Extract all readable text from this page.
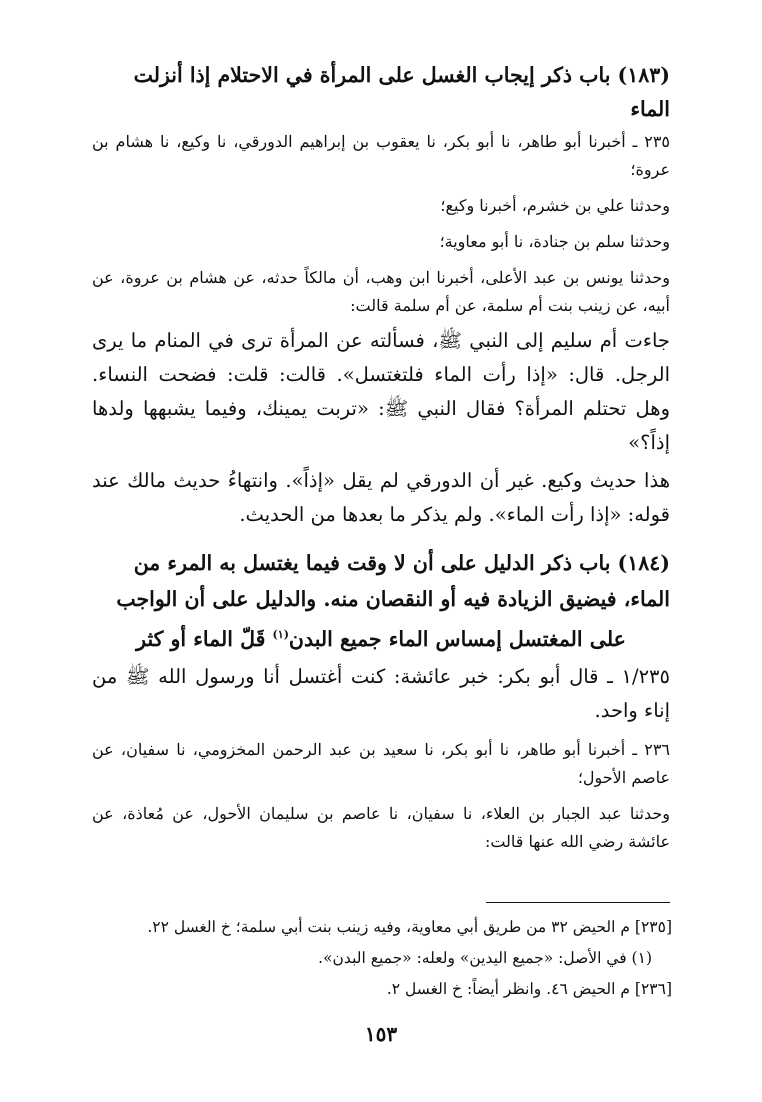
(١٨٣) باب ذكر إيجاب الغسل على المرأة في الاحتلام إذا أنزلت الماء

٢٣٥ ـ أخبرنا أبو طاهر، نا أبو بكر، نا يعقوب بن إبراهيم الدورقي، نا وكيع، نا هشام بن عروة؛

وحدثنا علي بن خشرم، أخبرنا وكيع؛

وحدثنا سلم بن جنادة، نا أبو معاوية؛

وحدثنا يونس بن عبد الأعلى، أخبرنا ابن وهب، أن مالكاً حدثه، عن هشام بن عروة، عن أبيه، عن زينب بنت أم سلمة، عن أم سلمة قالت:

جاءت أم سليم إلى النبي ﷺ، فسألته عن المرأة ترى في المنام ما يرى الرجل. قال: «إذا رأت الماء فلتغتسل». قالت: قلت: فضحت النساء. وهل تحتلم المرأة؟ فقال النبي ﷺ: «تربت يمينك، وفيما يشبهها ولدها إذاً؟»

هذا حديث وكيع. غير أن الدورقي لم يقل «إذاً». وانتهاءُ حديث مالك عند قوله: «إذا رأت الماء». ولم يذكر ما بعدها من الحديث.

(١٨٤) باب ذكر الدليل على أن لا وقت فيما يغتسل به المرء من
الماء، فيضيق الزيادة فيه أو النقصان منه. والدليل على أن الواجب
على المغتسل إمساس الماء جميع البدن$^{(١)}$ قَلّ الماء أو كثر

١/٢٣٥ ـ قال أبو بكر: خبر عائشة: كنت أغتسل أنا ورسول الله ﷺ من إناء واحد.

٢٣٦ ـ أخبرنا أبو طاهر، نا أبو بكر، نا سعيد بن عبد الرحمن المخزومي، نا سفيان، عن عاصم الأحول؛

وحدثنا عبد الجبار بن العلاء، نا سفيان، نا عاصم بن سليمان الأحول، عن مُعاذة، عن عائشة رضي الله عنها قالت:

[٢٣٥] م الحيض ٣٢ من طريق أبي معاوية، وفيه زينب بنت أبي سلمة؛ خ الغسل ٢٢.

(١) في الأصل: «جميع اليدين» ولعله: «جميع البدن».

[٢٣٦] م الحيض ٤٦. وانظر أيضاً: خ الغسل ٢.

١٥٣
